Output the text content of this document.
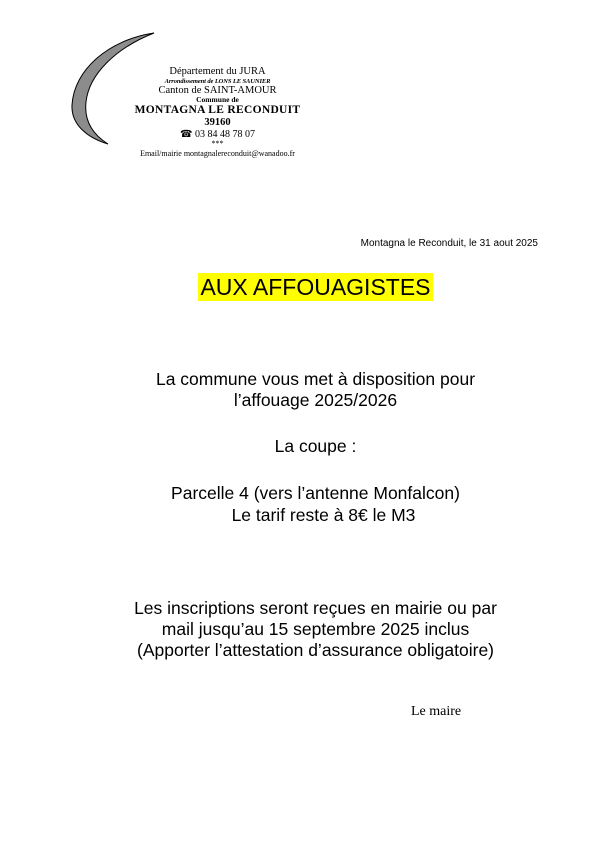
Département du JURA
Arrondissement de LONS LE SAUNIER
Canton de SAINT-AMOUR
Commune de
MONTAGNA LE RECONDUIT
39160
☎ 03 84 48 78 07
***
Email/mairie montagnalereconduit@wanadoo.fr
Montagna le Reconduit, le 31 aout 2025
AUX AFFOUAGISTES
La commune vous met à disposition pour
l’affouage 2025/2026
La coupe :
Parcelle 4 (vers l’antenne Monfalcon)
Le tarif reste à 8€ le M3
Les inscriptions seront reçues en mairie ou par
mail jusqu’au 15 septembre 2025 inclus
(Apporter l’attestation d’assurance obligatoire)
Le maire
